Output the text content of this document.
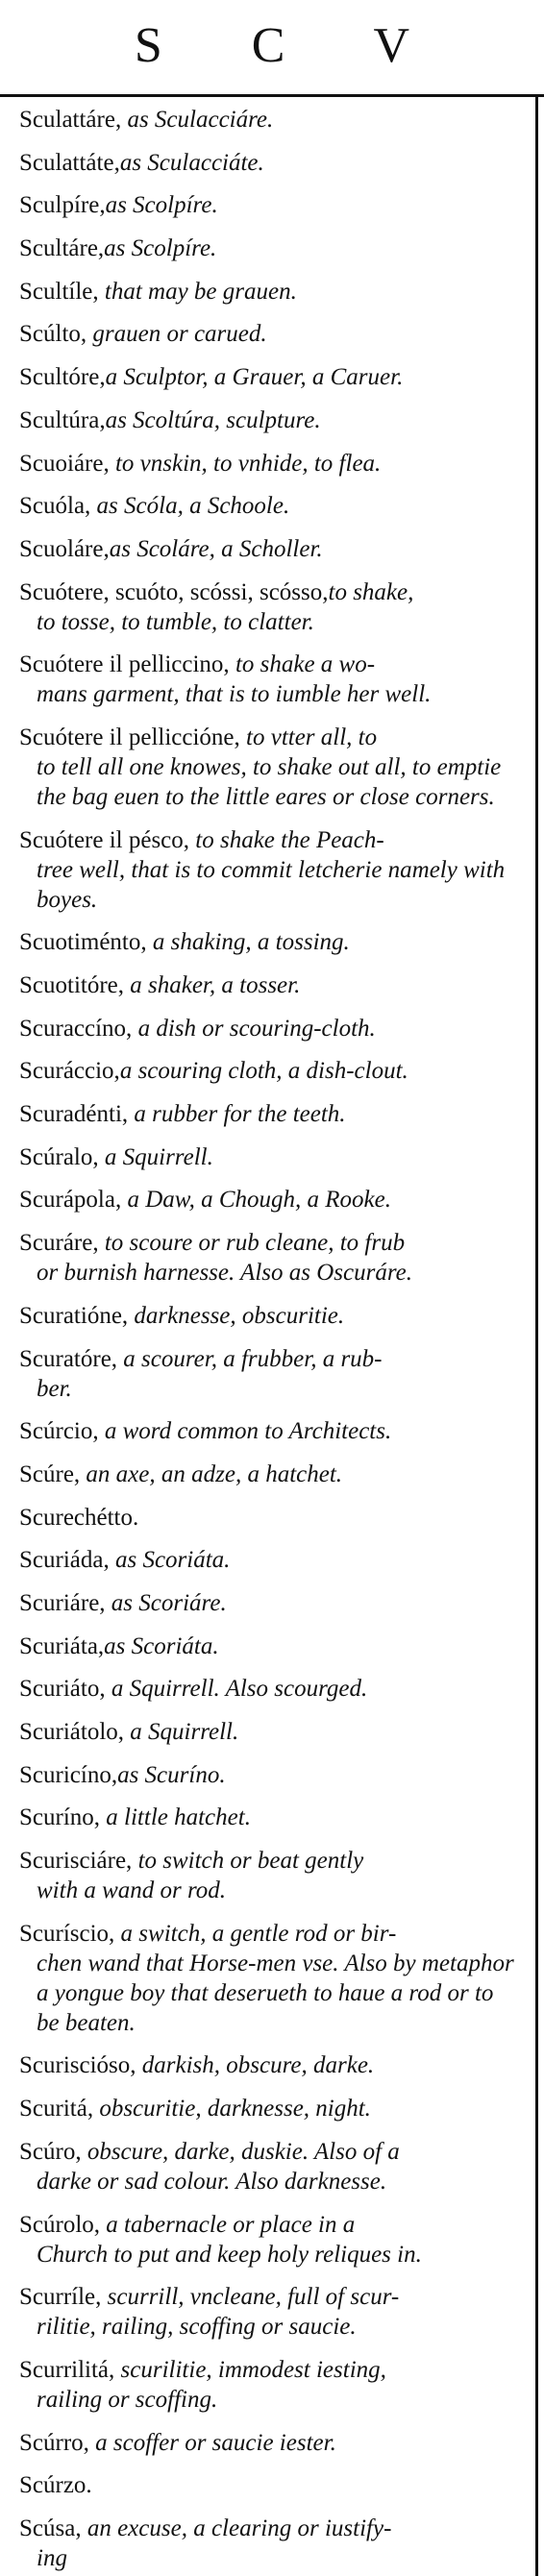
S C V
Sculattáre, as Sculacciáre.
Sculattáte,as Sculacciáte.
Sculpíre,as Scolpíre.
Scultáre,as Scolpíre.
Scultíle, that may be grauen.
Scúlto, grauen or carued.
Scultóre,a Sculptor, a Grauer, a Caruer.
Scultúra,as Scoltúra, sculpture.
Scuoiáre, to vnskin, to vnhide, to flea.
Scuóla, as Scóla, a Schoole.
Scuoláre,as Scoláre, a Scholler.
Scuótere, scuóto, scóssi, scósso,to shake,
to tosse, to tumble, to clatter.
Scuótere il pelliccino, to shake a wo-
mans garment, that is to iumble her well.
Scuótere il pelliccióne, to vtter all, to
to tell all one knowes, to shake out all, to emptie the bag euen to the little eares or close corners.
Scuótere il pésco, to shake the Peach-
tree well, that is to commit letcherie namely with boyes.
Scuotiménto, a shaking, a tossing.
Scuotitóre, a shaker, a tosser.
Scuraccíno, a dish or scouring-cloth.
Scuráccio,a scouring cloth, a dish-clout.
Scuradénti, a rubber for the teeth.
Scúralo, a Squirrell.
Scurápola, a Daw, a Chough, a Rooke.
Scuráre, to scoure or rub cleane, to frub
or burnish harnesse. Also as Oscuráre.
Scuratióne, darknesse, obscuritie.
Scuratóre, a scourer, a frubber, a rub-
ber.
Scúrcio, a word common to Architects.
Scúre, an axe, an adze, a hatchet.
Scurechétto.
Scuriáda, as Scoriáta.
Scuriáre, as Scoriáre.
Scuriáta,as Scoriáta.
Scuriáto, a Squirrell. Also scourged.
Scuriátolo, a Squirrell.
Scuricíno,as Scuríno.
Scuríno, a little hatchet.
Scurisciáre, to switch or beat gently
with a wand or rod.
Scuríscio, a switch, a gentle rod or bir-
chen wand that Horse-men vse. Also by metaphor a yongue boy that deserueth to haue a rod or to be beaten.
Scurisciósο, darkish, obscure, darke.
Scuritá, obscuritie, darknesse, night.
Scúro, obscure, darke, duskie. Also of a
darke or sad colour. Also darknesse.
Scúrolo, a tabernacle or place in a
Church to put and keep holy reliques in.
Scurríle, scurrill, vncleane, full of scur-
rilitie, railing, scoffing or saucie.
Scurrilitá, scurilitie, immodest iesting,
railing or scoffing.
Scúrro, a scoffer or saucie iester.
Scúrzo.
Scúsa, an excuse, a clearing or iustify-
ing
